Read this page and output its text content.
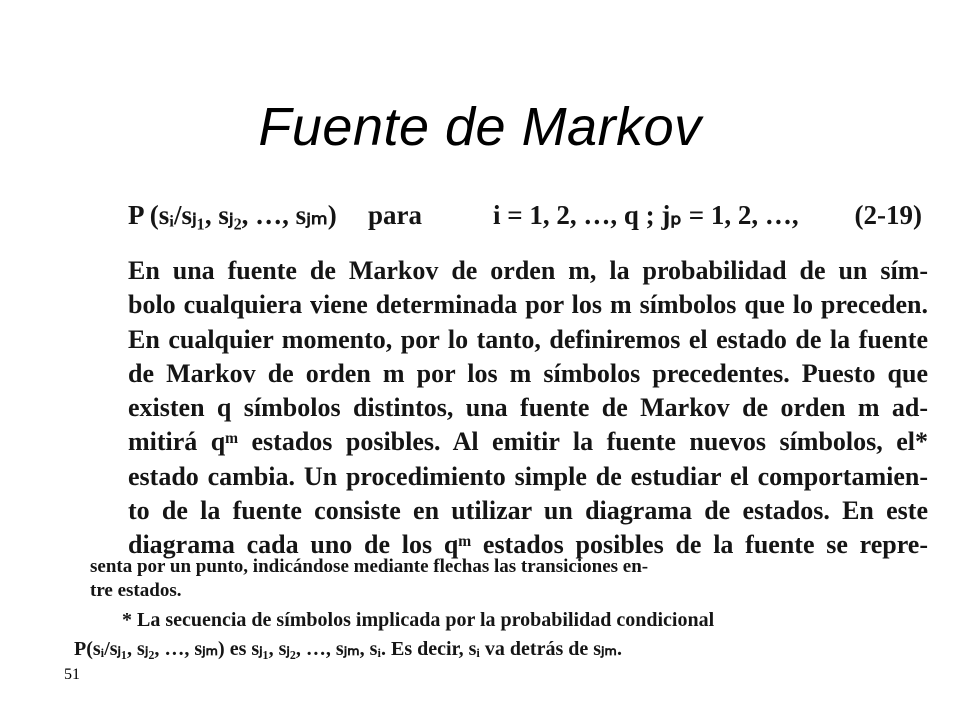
Fuente de Markov
P (sᵢ/sⱼ₁, sⱼ₂, …, sⱼₘ) para	i = 1, 2, …, q ; jₚ = 1, 2, …, (2-19)
En una fuente de Markov de orden m, la probabilidad de un sím-
bolo cualquiera viene determinada por los m símbolos que lo preceden.
En cualquier momento, por lo tanto, definiremos el estado de la fuente
de Markov de orden m por los m símbolos precedentes. Puesto que
existen q símbolos distintos, una fuente de Markov de orden m ad-
mitirá qᵐ estados posibles. Al emitir la fuente nuevos símbolos, el*
estado cambia. Un procedimiento simple de estudiar el comportamien-
to de la fuente consiste en utilizar un diagrama de estados. En este
diagrama cada uno de los qᵐ estados posibles de la fuente se repre-
senta por un punto, indicándose mediante flechas las transiciones en-
tre estados.
* La secuencia de símbolos implicada por la probabilidad condicional
P(sᵢ/sⱼ₁, sⱼ₂, …, sⱼₘ) es sⱼ₁, sⱼ₂, …, sⱼₘ, sᵢ. Es decir, sᵢ va detrás de sⱼₘ.
51
